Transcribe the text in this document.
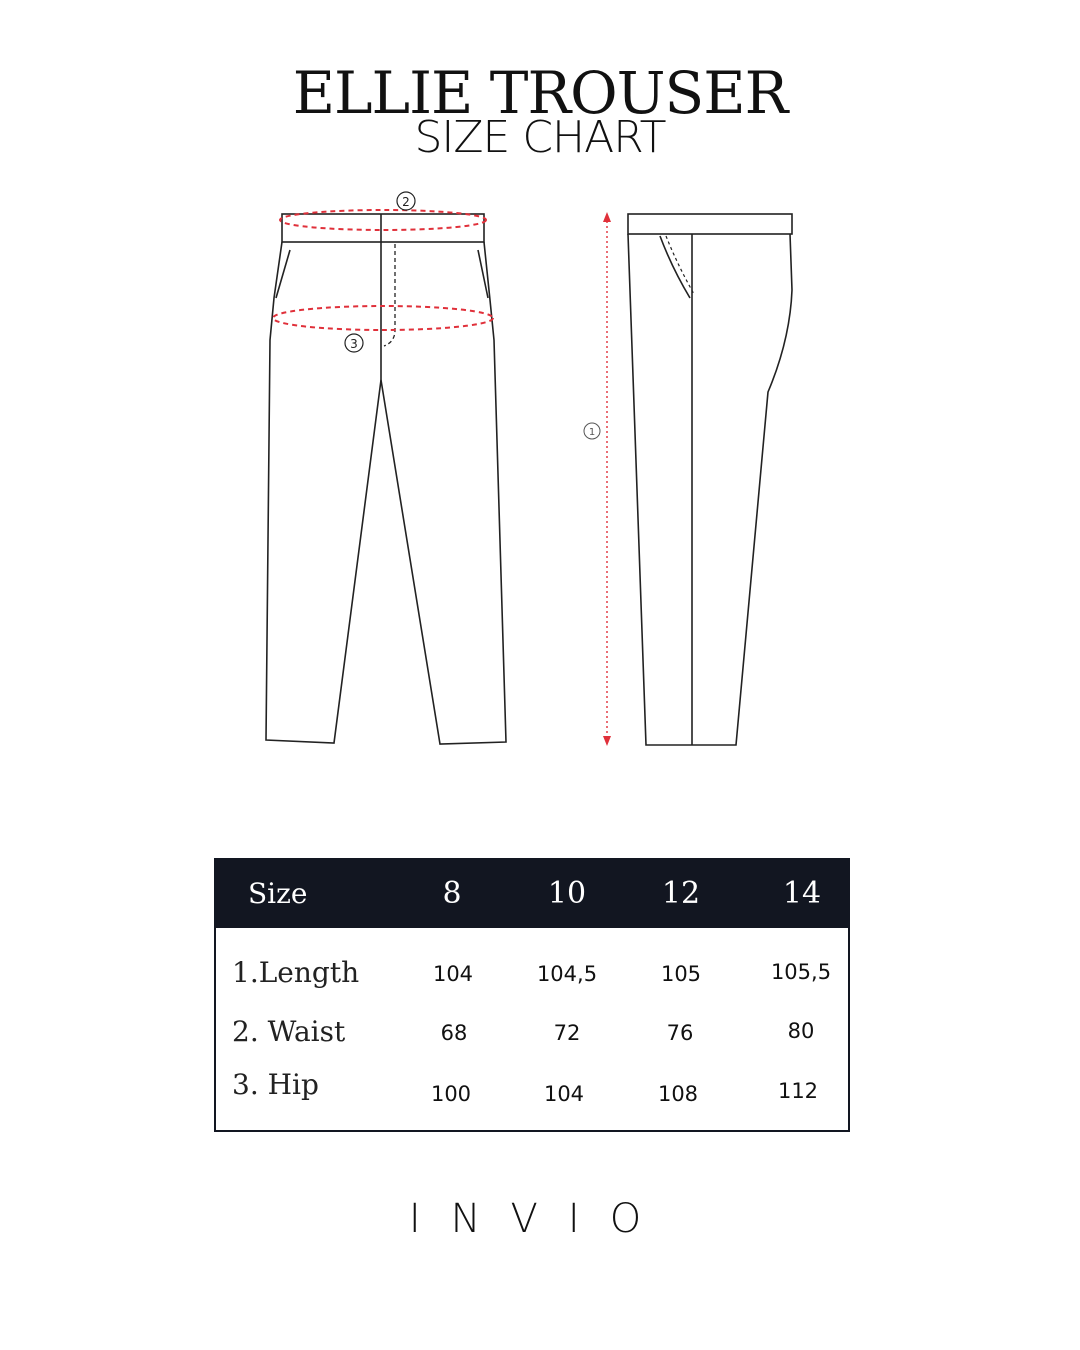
ELLIE TROUSER
SIZE CHART
2
3
1
Size	8	10	12	14
1.Length	104	104,5	105	105,5
2. Waist	68	72	76	80
3. Hip	100	104	108	112
INVIO
